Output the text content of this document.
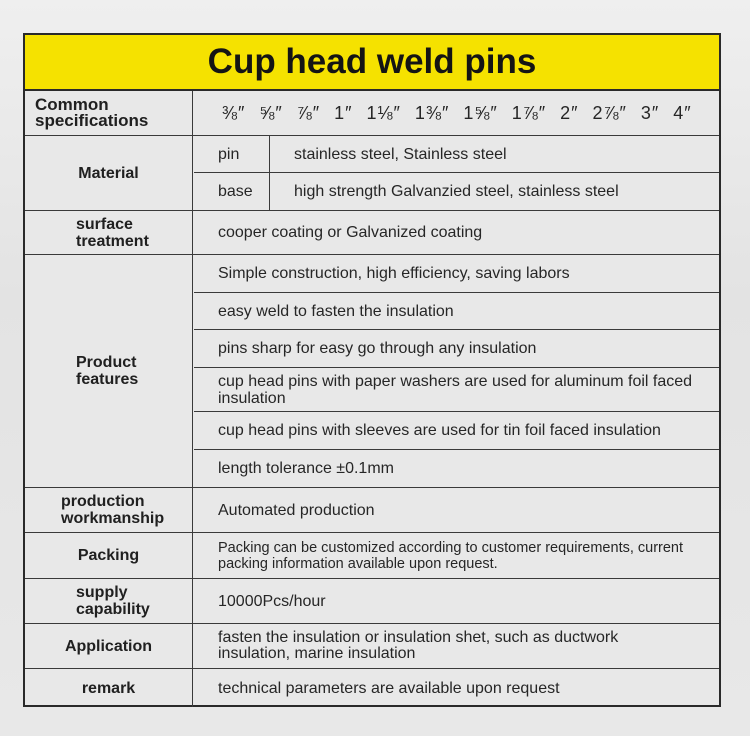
Cup head weld pins
Common specifications	⅜″ ⅝″ ⅞″ 1″ 1⅛″ 1⅜″ 1⅝″ 1⅞″ 2″ 2⅞″ 3″ 4″
Material
pin	stainless steel, Stainless steel
base	high strength Galvanzied steel, stainless steel
surface treatment	cooper coating or Galvanized coating
Product features
Simple construction, high efficiency, saving labors
easy weld to fasten the insulation
pins sharp for easy go through any insulation
cup head pins with paper washers are used for aluminum foil faced insulation
cup head pins with sleeves are used for tin foil faced insulation
length tolerance ±0.1mm
production workmanship	Automated production
Packing	Packing can be customized according to customer requirements, current packing information available upon request.
supply capability	10000Pcs/hour
Application	fasten the insulation or insulation shet, such as ductwork insulation, marine insulation
remark	technical parameters are available upon request
